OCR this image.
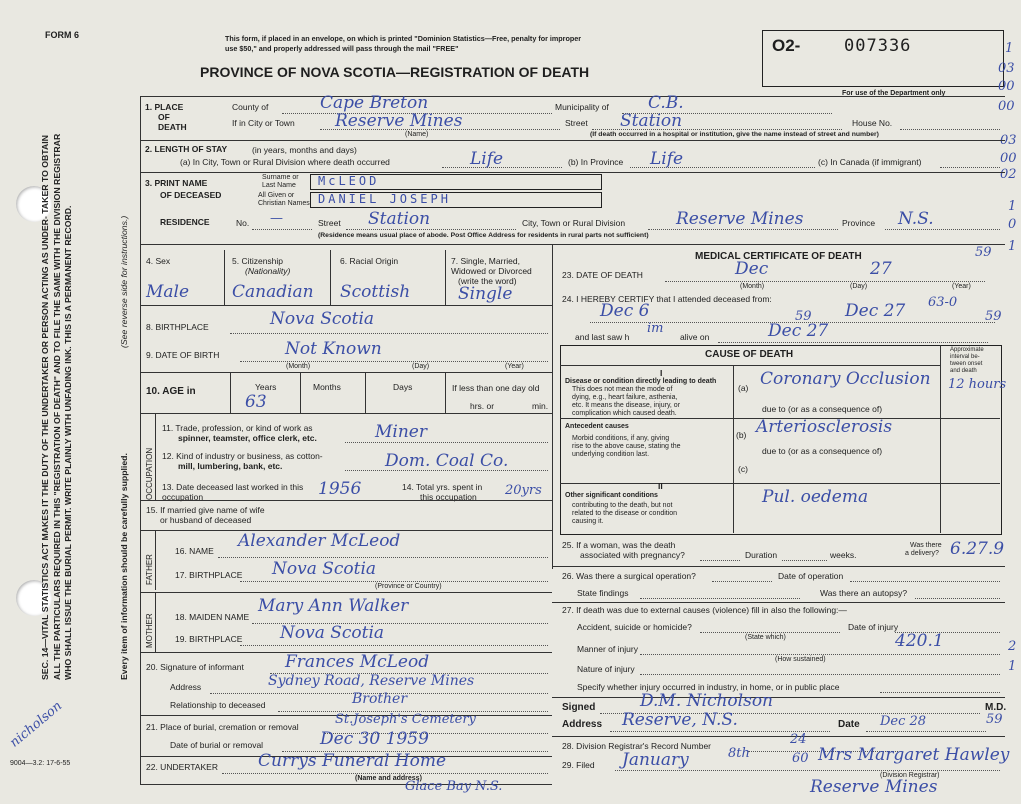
FORM 6
SEC. 14—VITAL STATISTICS ACT MAKES IT THE DUTY OF THE UNDERTAKER OR PERSON ACTING AS UNDER- TAKER TO OBTAIN ALL THE PARTICULARS REQUIRED IN THIS "REGISTRATION OF DEATH" AND TO FILE THE SAME WITH THE DIVISION REGISTRAR WHO SHALL ISSUE THE BURIAL PERMIT. WRITE PLAINLY WITH UNFADING INK. THIS IS A PERMANENT RECORD.	Every item of information should be carefully supplied.
(See reverse side for instructions.)
9004—3.2: 17-6-55
nicholson
This form, if placed in an envelope, on which is printed "Dominion Statistics—Free, penalty for improper
use $50," and properly addressed will pass through the mail "FREE"
PROVINCE OF NOVA SCOTIA—REGISTRATION OF DEATH
O2-	007336
For use of the Department only
1
03
00
00
03
00
02
1
0
1
2
1
1. PLACE
OF
DEATH
County of	Cape Breton	Municipality of C.B.
If in City or Town Reserve Mines
(Name)
Street Station	House No.
(If death occurred in a hospital or institution, give the name instead of street and number)
2. LENGTH OF STAY	(in years, months and days)
(a) In City, Town or Rural Division where death occurred	Life	(b) In Province Life	(c) In Canada (if immigrant)
3. PRINT NAME
OF DECEASED
Surname or
Last Name McLEOD
All Given or
Christian Names DANIEL JOSEPH
RESIDENCE	No. —	Street Station	City, Town or Rural Division	Reserve Mines	Province N.S.
(Residence means usual place of abode. Post Office Address for residents in rural parts not sufficient)
4. Sex
Male
5. Citizenship
(Nationality)
Canadian
6. Racial Origin
Scottish
7. Single, Married,
Widowed or Divorced
(write the word)
Single
8. BIRTHPLACE	Nova Scotia
9. DATE OF BIRTH	Not Known
(Month)	(Day)	(Year)
10. AGE in	Years
63
Months	Days	If less than one day old
hrs. or	min.
OCCUPATION
11. Trade, profession, or kind of work as
spinner, teamster, office clerk, etc.	Miner
12. Kind of industry or business, as cotton-
mill, lumbering, bank, etc.	Dom. Coal Co.
13. Date deceased last worked in this occupation	1956	14. Total yrs. spent in
this occupation 20yrs
15. If married give name of wife
or husband of deceased
FATHER
16. NAME Alexander McLeod
17. BIRTHPLACE Nova Scotia
(Province or Country)
MOTHER 18. MAIDEN NAME
Mary Ann Walker
19. BIRTHPLACE Nova Scotia
20. Signature of informant Frances McLeod
Address	Sydney Road, Reserve Mines
Relationship to deceased	Brother
21. Place of burial, cremation or removal	St.Joseph's Cemetery
Date of burial or removal	Dec 30 1959
22. UNDERTAKER Currys Funeral Home
(Name and address)
Glace Bay N.S.
MEDICAL CERTIFICATE OF DEATH
23. DATE OF DEATH	Dec	27
59
(Month)	(Day)	(Year)
24. I HEREBY CERTIFY that I attended deceased from:
Dec 6	59 Dec 27	59
63-0
and last saw h
im
alive on	Dec 27
CAUSE OF DEATH	Approximate
interval be-
tween onset
and death
I
Disease or condition directly leading to death
This does not mean the mode of
dying, e.g., heart failure, asthenia,
etc. It means the disease, injury, or
complication which caused death.
(a) Coronary Occlusion 12 hours
due to (or as a consequence of)
Antecedent causes
Morbid conditions, if any, giving
rise to the above cause, stating the
underlying condition last.
(b) Arteriosclerosis
due to (or as a consequence of)
(c)
II
Other significant conditions
contributing to the death, but not
related to the disease or condition
causing it.
Pul. oedema
25. If a woman, was the death
associated with pregnancy?	Duration	weeks.
Was there
a delivery? 6.27.9
26. Was there a surgical operation?	Date of operation
State findings	Was there an autopsy?
27. If death was due to external causes (violence) fill in also the following:—
Accident, suicide or homicide?
(State which)
Date of injury
Manner of injury	420.1
(How sustained)
Nature of injury
Specify whether injury occurred in industry, in home, or in public place
Signed	D.M. Nicholson	M.D.
Address Reserve, N.S.	Date Dec 28	59
28. Division Registrar's Record Number	24
29. Filed January	8th	60 Mrs Margaret Hawley
(Division Registrar)
Reserve Mines
